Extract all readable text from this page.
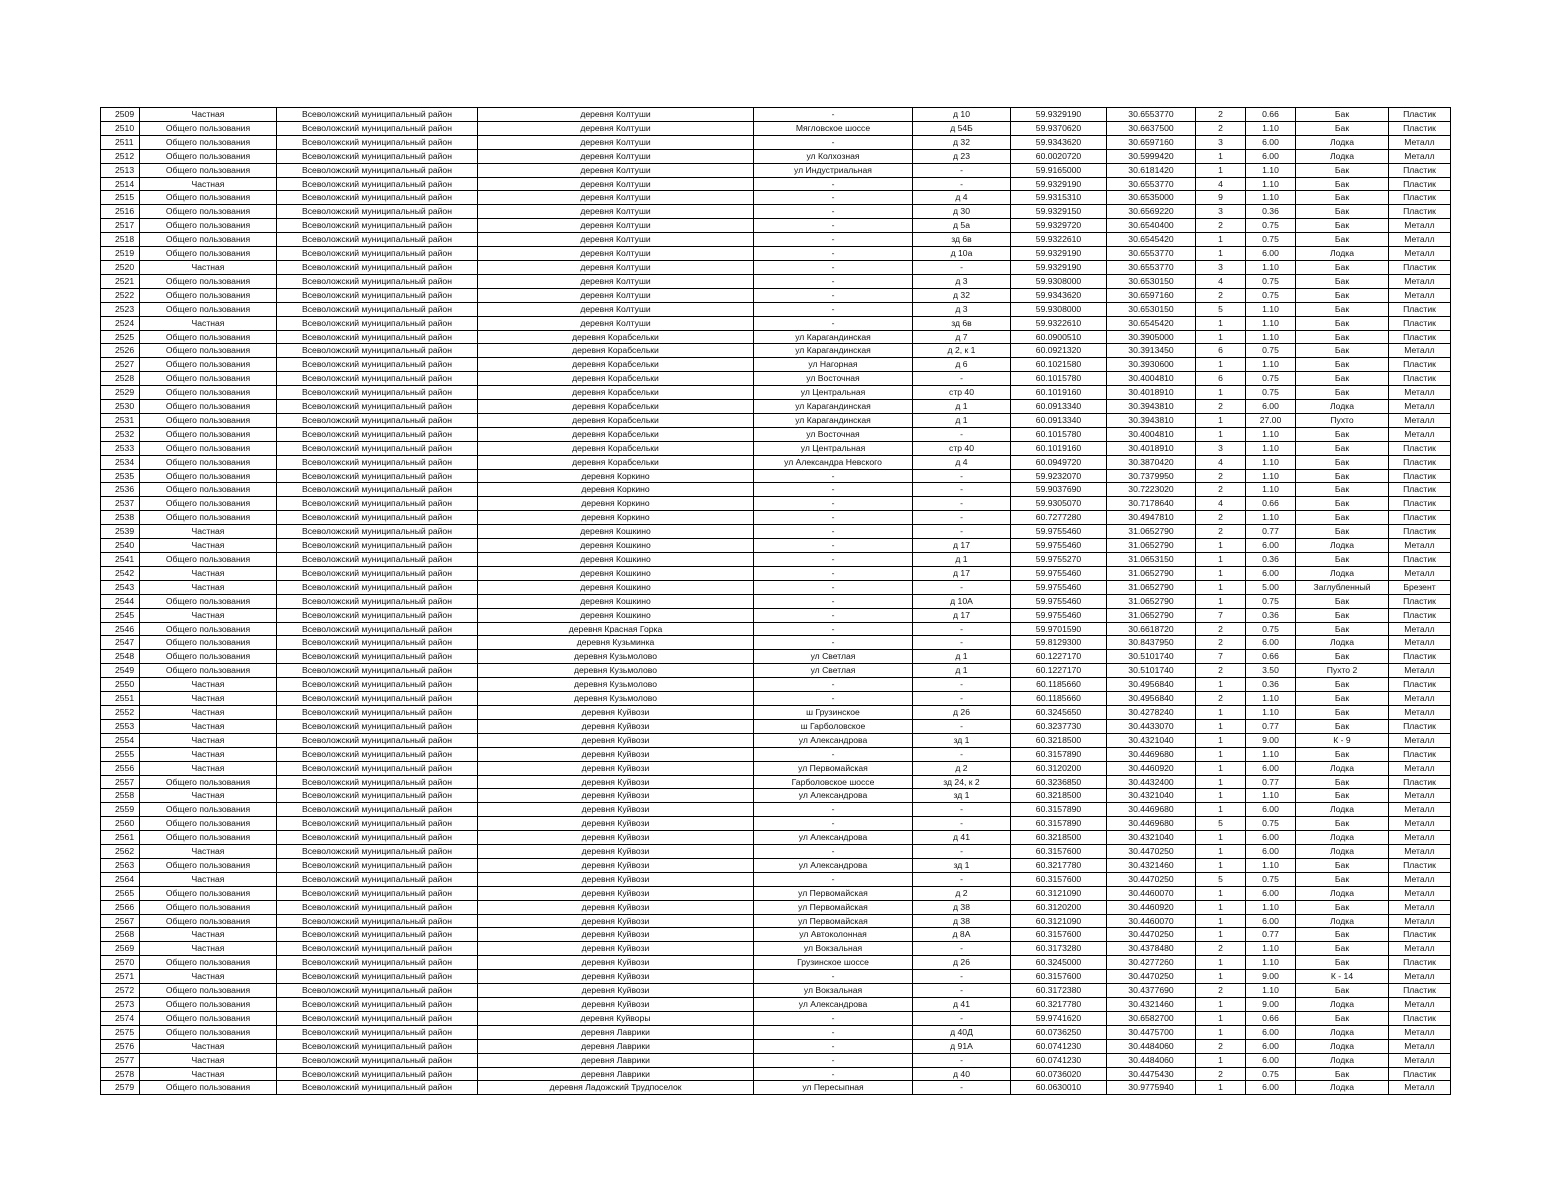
2509	Частная	Всеволожский муниципальный район	деревня Колтуши	-	д 10	59.9329190	30.6553770	2	0.66	Бак	Пластик
2510	Общего пользования	Всеволожский муниципальный район	деревня Колтуши	Мягловское шоссе	д 54Б	59.9370620	30.6637500	2	1.10	Бак	Пластик
2511	Общего пользования	Всеволожский муниципальный район	деревня Колтуши	-	д 32	59.9343620	30.6597160	3	6.00	Лодка	Металл
2512	Общего пользования	Всеволожский муниципальный район	деревня Колтуши	ул Колхозная	д 23	60.0020720	30.5999420	1	6.00	Лодка	Металл
2513	Общего пользования	Всеволожский муниципальный район	деревня Колтуши	ул Индустриальная	-	59.9165000	30.6181420	1	1.10	Бак	Пластик
2514	Частная	Всеволожский муниципальный район	деревня Колтуши	-	-	59.9329190	30.6553770	4	1.10	Бак	Пластик
2515	Общего пользования	Всеволожский муниципальный район	деревня Колтуши	-	д 4	59.9315310	30.6535000	9	1.10	Бак	Пластик
2516	Общего пользования	Всеволожский муниципальный район	деревня Колтуши	-	д 30	59.9329150	30.6569220	3	0.36	Бак	Пластик
2517	Общего пользования	Всеволожский муниципальный район	деревня Колтуши	-	д 5а	59.9329720	30.6540400	2	0.75	Бак	Металл
2518	Общего пользования	Всеволожский муниципальный район	деревня Колтуши	-	зд 6в	59.9322610	30.6545420	1	0.75	Бак	Металл
2519	Общего пользования	Всеволожский муниципальный район	деревня Колтуши	-	д 10а	59.9329190	30.6553770	1	6.00	Лодка	Металл
2520	Частная	Всеволожский муниципальный район	деревня Колтуши	-	-	59.9329190	30.6553770	3	1.10	Бак	Пластик
2521	Общего пользования	Всеволожский муниципальный район	деревня Колтуши	-	д 3	59.9308000	30.6530150	4	0.75	Бак	Металл
2522	Общего пользования	Всеволожский муниципальный район	деревня Колтуши	-	д 32	59.9343620	30.6597160	2	0.75	Бак	Металл
2523	Общего пользования	Всеволожский муниципальный район	деревня Колтуши	-	д 3	59.9308000	30.6530150	5	1.10	Бак	Пластик
2524	Частная	Всеволожский муниципальный район	деревня Колтуши	-	зд 6в	59.9322610	30.6545420	1	1.10	Бак	Пластик
2525	Общего пользования	Всеволожский муниципальный район	деревня Корабсельки	ул Карагандинская	д 7	60.0900510	30.3905000	1	1.10	Бак	Пластик
2526	Общего пользования	Всеволожский муниципальный район	деревня Корабсельки	ул Карагандинская	д 2, к 1	60.0921320	30.3913450	6	0.75	Бак	Металл
2527	Общего пользования	Всеволожский муниципальный район	деревня Корабсельки	ул Нагорная	д 6	60.1021580	30.3930600	1	1.10	Бак	Пластик
2528	Общего пользования	Всеволожский муниципальный район	деревня Корабсельки	ул Восточная	-	60.1015780	30.4004810	6	0.75	Бак	Пластик
2529	Общего пользования	Всеволожский муниципальный район	деревня Корабсельки	ул Центральная	стр 40	60.1019160	30.4018910	1	0.75	Бак	Металл
2530	Общего пользования	Всеволожский муниципальный район	деревня Корабсельки	ул Карагандинская	д 1	60.0913340	30.3943810	2	6.00	Лодка	Металл
2531	Общего пользования	Всеволожский муниципальный район	деревня Корабсельки	ул Карагандинская	д 1	60.0913340	30.3943810	1	27.00	Пухто	Металл
2532	Общего пользования	Всеволожский муниципальный район	деревня Корабсельки	ул Восточная	-	60.1015780	30.4004810	1	1.10	Бак	Металл
2533	Общего пользования	Всеволожский муниципальный район	деревня Корабсельки	ул Центральная	стр 40	60.1019160	30.4018910	3	1.10	Бак	Пластик
2534	Общего пользования	Всеволожский муниципальный район	деревня Корабсельки	ул Александра Невского	д 4	60.0949720	30.3870420	4	1.10	Бак	Пластик
2535	Общего пользования	Всеволожский муниципальный район	деревня Коркино	-	-	59.9232070	30.7379950	2	1.10	Бак	Пластик
2536	Общего пользования	Всеволожский муниципальный район	деревня Коркино	-	-	59.9037690	30.7223020	2	1.10	Бак	Пластик
2537	Общего пользования	Всеволожский муниципальный район	деревня Коркино	-	-	59.9305070	30.7178640	4	0.66	Бак	Пластик
2538	Общего пользования	Всеволожский муниципальный район	деревня Коркино	-	-	60.7277280	30.4947810	2	1.10	Бак	Пластик
2539	Частная	Всеволожский муниципальный район	деревня Кошкино	-	-	59.9755460	31.0652790	2	0.77	Бак	Пластик
2540	Частная	Всеволожский муниципальный район	деревня Кошкино	-	д 17	59.9755460	31.0652790	1	6.00	Лодка	Металл
2541	Общего пользования	Всеволожский муниципальный район	деревня Кошкино	-	д 1	59.9755270	31.0653150	1	0.36	Бак	Пластик
2542	Частная	Всеволожский муниципальный район	деревня Кошкино	-	д 17	59.9755460	31.0652790	1	6.00	Лодка	Металл
2543	Частная	Всеволожский муниципальный район	деревня Кошкино	-	-	59.9755460	31.0652790	1	5.00	Заглубленный	Брезент
2544	Общего пользования	Всеволожский муниципальный район	деревня Кошкино	-	д 10А	59.9755460	31.0652790	1	0.75	Бак	Пластик
2545	Частная	Всеволожский муниципальный район	деревня Кошкино	-	д 17	59.9755460	31.0652790	7	0.36	Бак	Пластик
2546	Общего пользования	Всеволожский муниципальный район	деревня Красная Горка	-	-	59.9701590	30.6618720	2	0.75	Бак	Металл
2547	Общего пользования	Всеволожский муниципальный район	деревня Кузьминка	-	-	59.8129300	30.8437950	2	6.00	Лодка	Металл
2548	Общего пользования	Всеволожский муниципальный район	деревня Кузьмолово	ул Светлая	д 1	60.1227170	30.5101740	7	0.66	Бак	Пластик
2549	Общего пользования	Всеволожский муниципальный район	деревня Кузьмолово	ул Светлая	д 1	60.1227170	30.5101740	2	3.50	Пухто 2	Металл
2550	Частная	Всеволожский муниципальный район	деревня Кузьмолово	-	-	60.1185660	30.4956840	1	0.36	Бак	Пластик
2551	Частная	Всеволожский муниципальный район	деревня Кузьмолово	-	-	60.1185660	30.4956840	2	1.10	Бак	Металл
2552	Частная	Всеволожский муниципальный район	деревня Куйвози	ш Грузинское	д 26	60.3245650	30.4278240	1	1.10	Бак	Металл
2553	Частная	Всеволожский муниципальный район	деревня Куйвози	ш Гарболовское	-	60.3237730	30.4433070	1	0.77	Бак	Пластик
2554	Частная	Всеволожский муниципальный район	деревня Куйвози	ул Александрова	зд 1	60.3218500	30.4321040	1	9.00	К - 9	Металл
2555	Частная	Всеволожский муниципальный район	деревня Куйвози	-	-	60.3157890	30.4469680	1	1.10	Бак	Пластик
2556	Частная	Всеволожский муниципальный район	деревня Куйвози	ул Первомайская	д 2	60.3120200	30.4460920	1	6.00	Лодка	Металл
2557	Общего пользования	Всеволожский муниципальный район	деревня Куйвози	Гарболовское шоссе	зд 24, к 2	60.3236850	30.4432400	1	0.77	Бак	Пластик
2558	Частная	Всеволожский муниципальный район	деревня Куйвози	ул Александрова	зд 1	60.3218500	30.4321040	1	1.10	Бак	Металл
2559	Общего пользования	Всеволожский муниципальный район	деревня Куйвози	-	-	60.3157890	30.4469680	1	6.00	Лодка	Металл
2560	Общего пользования	Всеволожский муниципальный район	деревня Куйвози	-	-	60.3157890	30.4469680	5	0.75	Бак	Металл
2561	Общего пользования	Всеволожский муниципальный район	деревня Куйвози	ул Александрова	д 41	60.3218500	30.4321040	1	6.00	Лодка	Металл
2562	Частная	Всеволожский муниципальный район	деревня Куйвози	-	-	60.3157600	30.4470250	1	6.00	Лодка	Металл
2563	Общего пользования	Всеволожский муниципальный район	деревня Куйвози	ул Александрова	зд 1	60.3217780	30.4321460	1	1.10	Бак	Пластик
2564	Частная	Всеволожский муниципальный район	деревня Куйвози	-	-	60.3157600	30.4470250	5	0.75	Бак	Металл
2565	Общего пользования	Всеволожский муниципальный район	деревня Куйвози	ул Первомайская	д 2	60.3121090	30.4460070	1	6.00	Лодка	Металл
2566	Общего пользования	Всеволожский муниципальный район	деревня Куйвози	ул Первомайская	д 38	60.3120200	30.4460920	1	1.10	Бак	Металл
2567	Общего пользования	Всеволожский муниципальный район	деревня Куйвози	ул Первомайская	д 38	60.3121090	30.4460070	1	6.00	Лодка	Металл
2568	Частная	Всеволожский муниципальный район	деревня Куйвози	ул Автоколонная	д 8А	60.3157600	30.4470250	1	0.77	Бак	Пластик
2569	Частная	Всеволожский муниципальный район	деревня Куйвози	ул Вокзальная	-	60.3173280	30.4378480	2	1.10	Бак	Металл
2570	Общего пользования	Всеволожский муниципальный район	деревня Куйвози	Грузинское шоссе	д 26	60.3245000	30.4277260	1	1.10	Бак	Пластик
2571	Частная	Всеволожский муниципальный район	деревня Куйвози	-	-	60.3157600	30.4470250	1	9.00	К - 14	Металл
2572	Общего пользования	Всеволожский муниципальный район	деревня Куйвози	ул Вокзальная	-	60.3172380	30.4377690	2	1.10	Бак	Пластик
2573	Общего пользования	Всеволожский муниципальный район	деревня Куйвози	ул Александрова	д 41	60.3217780	30.4321460	1	9.00	Лодка	Металл
2574	Общего пользования	Всеволожский муниципальный район	деревня Куйворы	-	-	59.9741620	30.6582700	1	0.66	Бак	Пластик
2575	Общего пользования	Всеволожский муниципальный район	деревня Лаврики	-	д 40Д	60.0736250	30.4475700	1	6.00	Лодка	Металл
2576	Частная	Всеволожский муниципальный район	деревня Лаврики	-	д 91А	60.0741230	30.4484060	2	6.00	Лодка	Металл
2577	Частная	Всеволожский муниципальный район	деревня Лаврики	-	-	60.0741230	30.4484060	1	6.00	Лодка	Металл
2578	Частная	Всеволожский муниципальный район	деревня Лаврики	-	д 40	60.0736020	30.4475430	2	0.75	Бак	Пластик
2579	Общего пользования	Всеволожский муниципальный район	деревня Ладожский Трудпоселок	ул Пересыпная	-	60.0630010	30.9775940	1	6.00	Лодка	Металл
